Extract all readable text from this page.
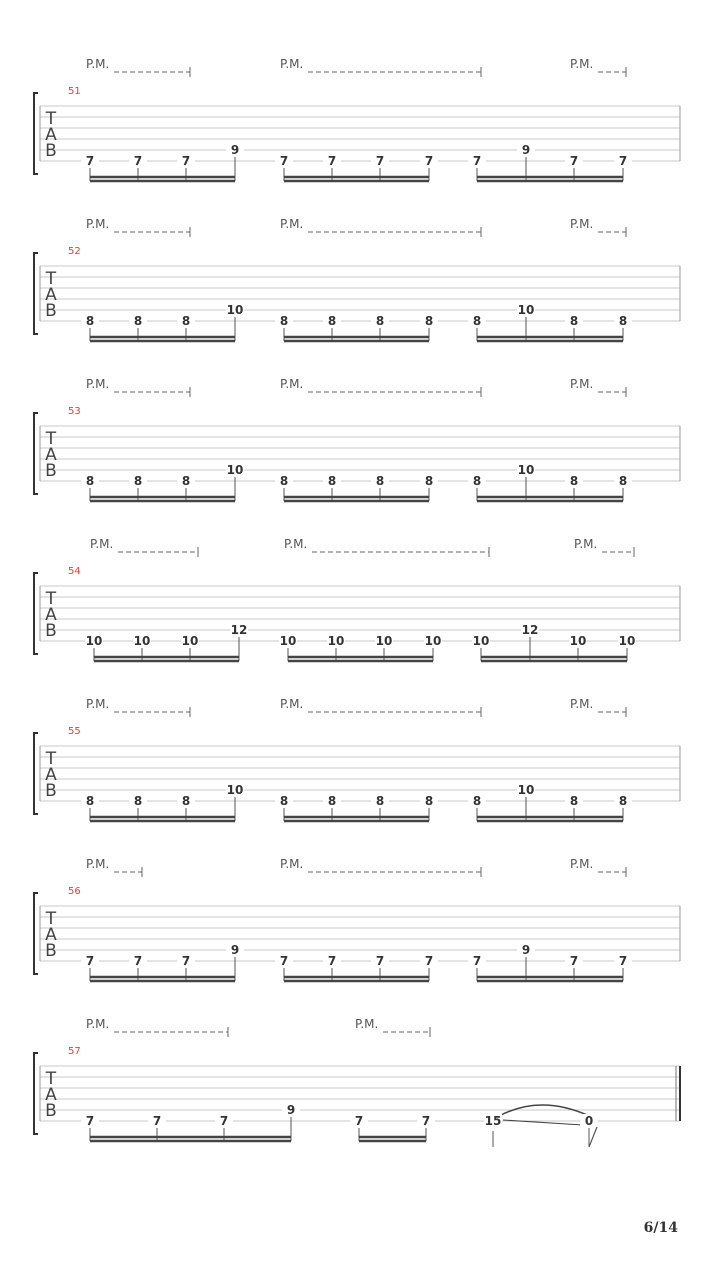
T
A
B
51
P.M.	P.M.	P.M.
7	7	7
9
7	7	7	7	7
9
7	7
T
A
B
52
P.M.	P.M.	P.M.
8	8	8
10
8	8	8	8	8
10
8	8
T
A
B
53
P.M.	P.M.	P.M.
8	8	8
10
8	8	8	8	8
10
8	8
T
A
B
54
P.M.	P.M.	P.M.
10	10	10
12
10	10	10	10	10
12
10	10
T
A
B
55
P.M.	P.M.	P.M.
8	8	8
10
8	8	8	8	8
10
8	8
T
A
B
56
P.M.	P.M.	P.M.
7	7	7
9
7	7	7	7	7
9
7	7
T
A
B
57
P.M.	P.M.
7	7	7
9
7	7	15	0
6/14
